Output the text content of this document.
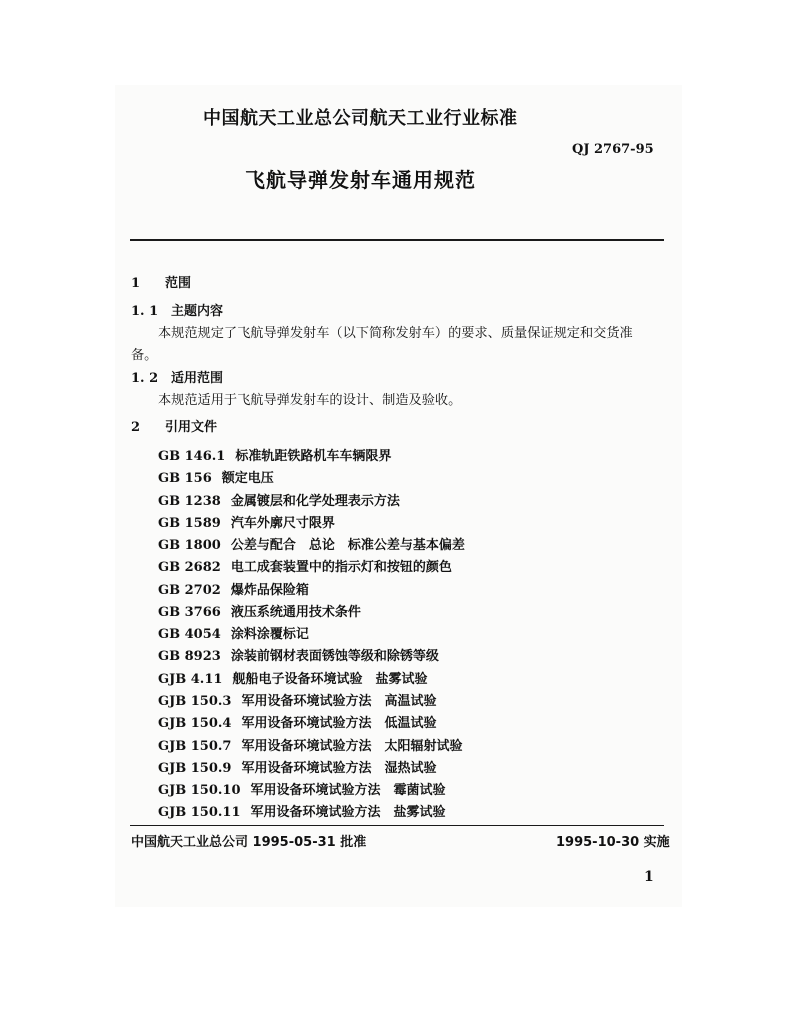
中国航天工业总公司航天工业行业标准
QJ 2767-95
飞航导弹发射车通用规范
1 范围
1. 1 主题内容
本规范规定了飞航导弹发射车（以下简称发射车）的要求、质量保证规定和交货准
备。
1. 2 适用范围
本规范适用于飞航导弹发射车的设计、制造及验收。
2 引用文件
GB 146.1 标准轨距铁路机车车辆限界
GB 156 额定电压
GB 1238 金属镀层和化学处理表示方法
GB 1589 汽车外廓尺寸限界
GB 1800 公差与配合　总论　标准公差与基本偏差
GB 2682 电工成套装置中的指示灯和按钮的颜色
GB 2702 爆炸品保险箱
GB 3766 液压系统通用技术条件
GB 4054 涂料涂覆标记
GB 8923 涂装前钢材表面锈蚀等级和除锈等级
GJB 4.11 舰船电子设备环境试验　盐雾试验
GJB 150.3 军用设备环境试验方法　高温试验
GJB 150.4 军用设备环境试验方法　低温试验
GJB 150.7 军用设备环境试验方法　太阳辐射试验
GJB 150.9 军用设备环境试验方法　湿热试验
GJB 150.10 军用设备环境试验方法　霉菌试验
GJB 150.11 军用设备环境试验方法　盐雾试验
中国航天工业总公司 1995-05-31 批准	1995-10-30 实施
1
